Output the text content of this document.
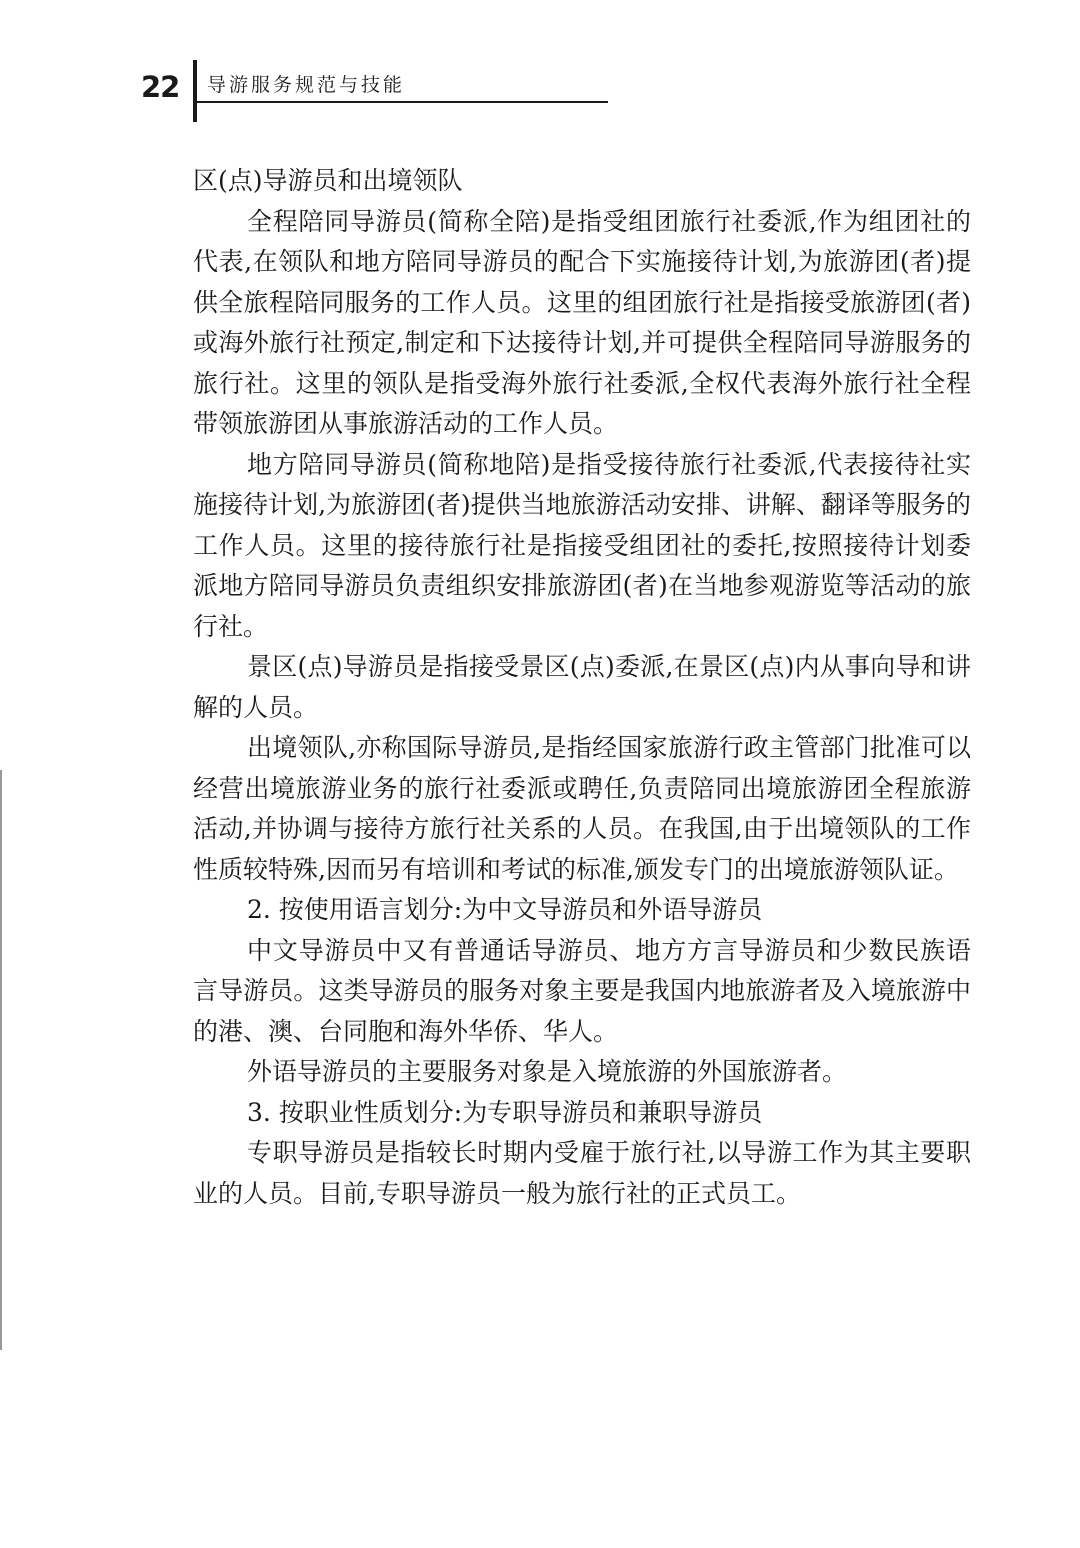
22 导游服务规范与技能

区(点)导游员和出境领队

全程陪同导游员(简称全陪)是指受组团旅行社委派,作为组团社的代表,在领队和地方陪同导游员的配合下实施接待计划,为旅游团(者)提供全旅程陪同服务的工作人员。这里的组团旅行社是指接受旅游团(者)或海外旅行社预定,制定和下达接待计划,并可提供全程陪同导游服务的旅行社。这里的领队是指受海外旅行社委派,全权代表海外旅行社全程带领旅游团从事旅游活动的工作人员。

地方陪同导游员(简称地陪)是指受接待旅行社委派,代表接待社实施接待计划,为旅游团(者)提供当地旅游活动安排、讲解、翻译等服务的工作人员。这里的接待旅行社是指接受组团社的委托,按照接待计划委派地方陪同导游员负责组织安排旅游团(者)在当地参观游览等活动的旅行社。

景区(点)导游员是指接受景区(点)委派,在景区(点)内从事向导和讲解的人员。

出境领队,亦称国际导游员,是指经国家旅游行政主管部门批准可以经营出境旅游业务的旅行社委派或聘任,负责陪同出境旅游团全程旅游活动,并协调与接待方旅行社关系的人员。在我国,由于出境领队的工作性质较特殊,因而另有培训和考试的标准,颁发专门的出境旅游领队证。

2. 按使用语言划分:为中文导游员和外语导游员

中文导游员中又有普通话导游员、地方方言导游员和少数民族语言导游员。这类导游员的服务对象主要是我国内地旅游者及入境旅游中的港、澳、台同胞和海外华侨、华人。

外语导游员的主要服务对象是入境旅游的外国旅游者。

3. 按职业性质划分:为专职导游员和兼职导游员

专职导游员是指较长时期内受雇于旅行社,以导游工作为其主要职业的人员。目前,专职导游员一般为旅行社的正式员工。
